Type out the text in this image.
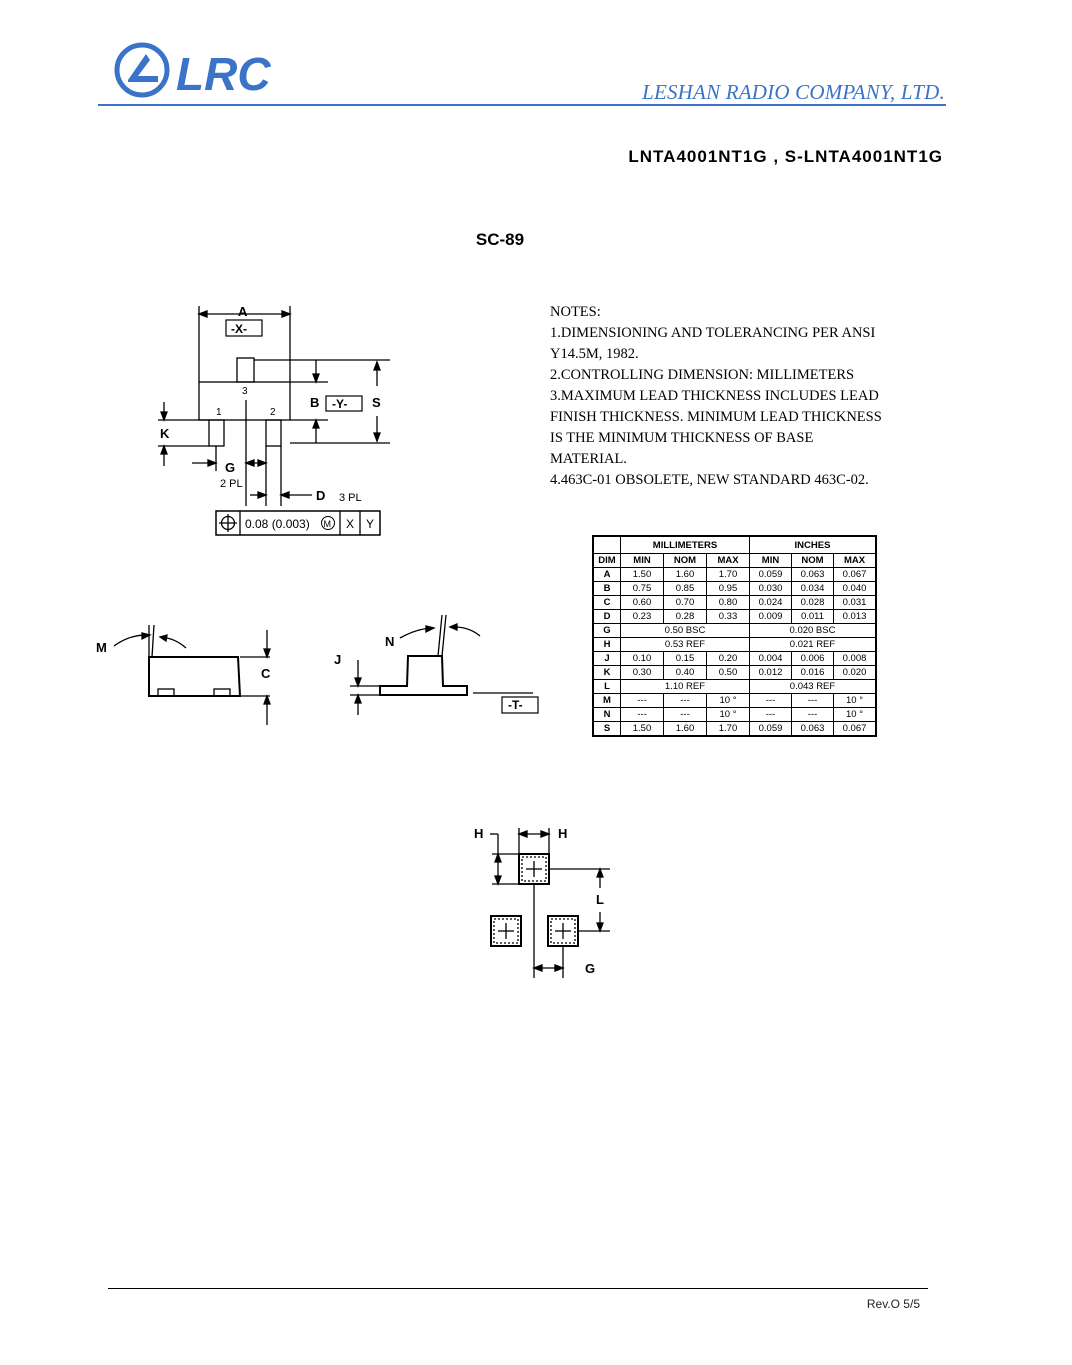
LRC	LESHAN RADIO COMPANY, LTD.
LNTA4001NT1G , S-LNTA4001NT1G
SC-89
NOTES:
1.DIMENSIONING AND TOLERANCING PER ANSI
Y14.5M, 1982.
2.CONTROLLING DIMENSION: MILLIMETERS
3.MAXIMUM LEAD THICKNESS INCLUDES LEAD
FINISH THICKNESS. MINIMUM LEAD THICKNESS
IS THE MINIMUM THICKNESS OF BASE
MATERIAL.
4.463C-01 OBSOLETE, NEW STANDARD 463C-02.
	MILLIMETERS			INCHES		
DIM	MIN	NOM	MAX	MIN	NOM	MAX
A	1.50	1.60	1.70	0.059	0.063	0.067
B	0.75	0.85	0.95	0.030	0.034	0.040
C	0.60	0.70	0.80	0.024	0.028	0.031
D	0.23	0.28	0.33	0.009	0.011	0.013
G	0.50 BSC			0.020 BSC		
H	0.53 REF			0.021 REF		
J	0.10	0.15	0.20	0.004	0.006	0.008
K	0.30	0.40	0.50	0.012	0.016	0.020
L	1.10 REF			0.043 REF		
M	---	---	10 °	---	---	10 °
N	---	---	10 °	---	---	10 °
S	1.50	1.60	1.70	0.059	0.063	0.067
A
-X-
B -Y- S
K
1	2
3
G
2 PL
D 3 PL
0.08 (0.003) M X Y
M
C
N
J
-T-
H
H
L
G
Rev.O 5/5
